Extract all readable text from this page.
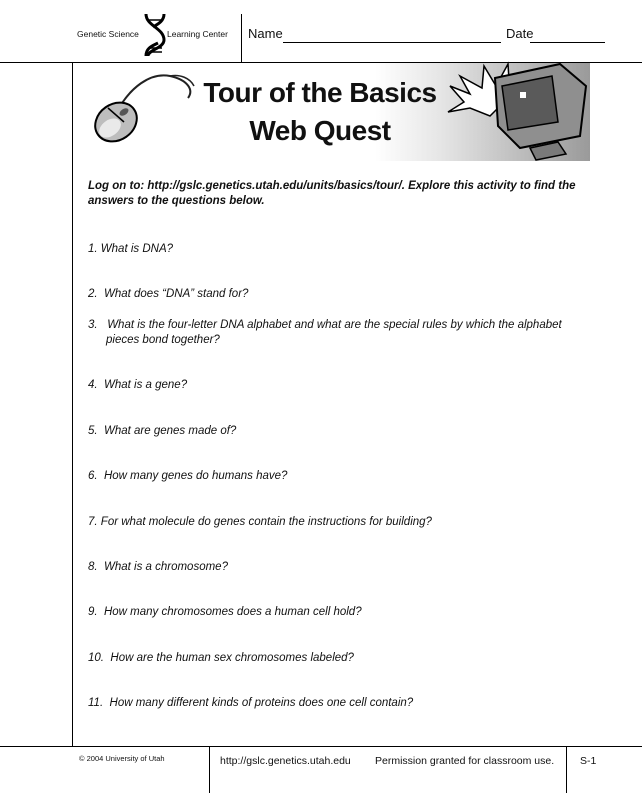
Genetic Science	Learning Center Name	Date
Tour of the Basics
Web Quest
Log on to: http://gslc.genetics.utah.edu/units/basics/tour/. Explore this activity to find the answers to the questions below.
1. What is DNA?
2. What does “DNA” stand for?
3. What is the four-letter DNA alphabet and what are the special rules by which the alphabet pieces bond together?
4. What is a gene?
5. What are genes made of?
6. How many genes do humans have?
7. For what molecule do genes contain the instructions for building?
8. What is a chromosome?
9. How many chromosomes does a human cell hold?
10. How are the human sex chromosomes labeled?
11. How many different kinds of proteins does one cell contain?
© 2004 University of Utah	http://gslc.genetics.utah.edu Permission granted for classroom use. S-1
